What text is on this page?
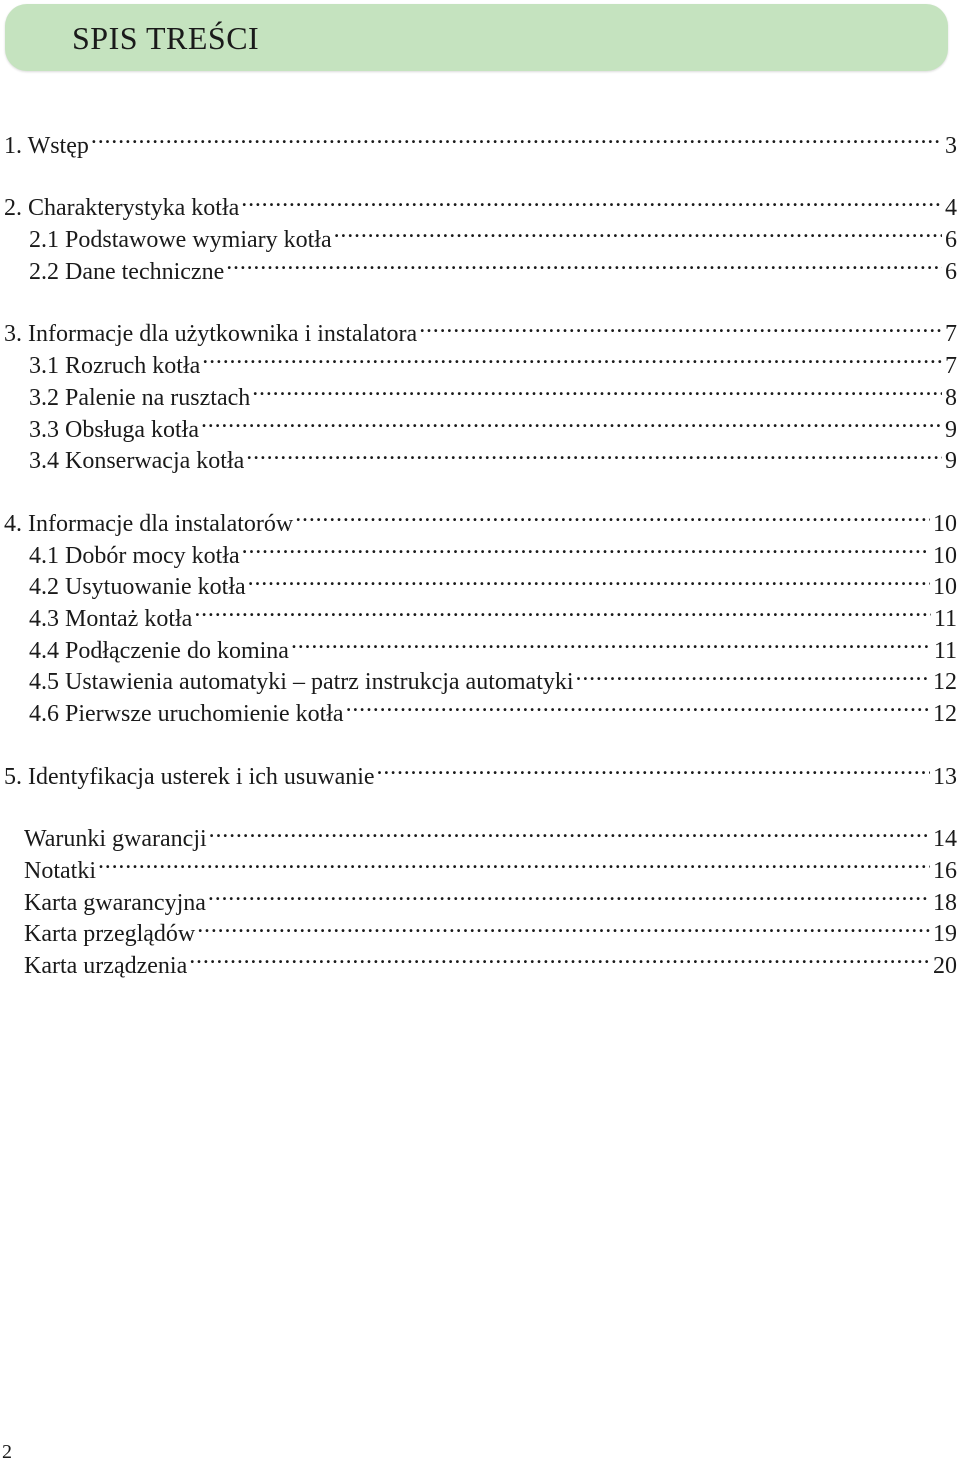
SPIS TREŚCI
1. Wstęp . . .	3
2. Charakterystyka kotła . . .	4
2.1 Podstawowe wymiary kotła . . .	6
2.2 Dane techniczne . . .	6
3. Informacje dla użytkownika i instalatora . . .	7
3.1 Rozruch kotła . . .	7
3.2 Palenie na rusztach . . .	8
3.3 Obsługa kotła . . .	9
3.4 Konserwacja kotła . . .	9
4. Informacje dla instalatorów . . .	10
4.1 Dobór mocy kotła . . .	10
4.2 Usytuowanie kotła . . .	10
4.3 Montaż kotła . . .	11
4.4 Podłączenie do komina . . .	11
4.5 Ustawienia automatyki – patrz instrukcja automatyki . . .	12
4.6 Pierwsze uruchomienie kotła . . .	12
5. Identyfikacja usterek i ich usuwanie . . .	13
Warunki gwarancji . . .	14
Notatki . . .	16
Karta gwarancyjna . . .	18
Karta przeglądów . . .	19
Karta urządzenia . . .	20
2
